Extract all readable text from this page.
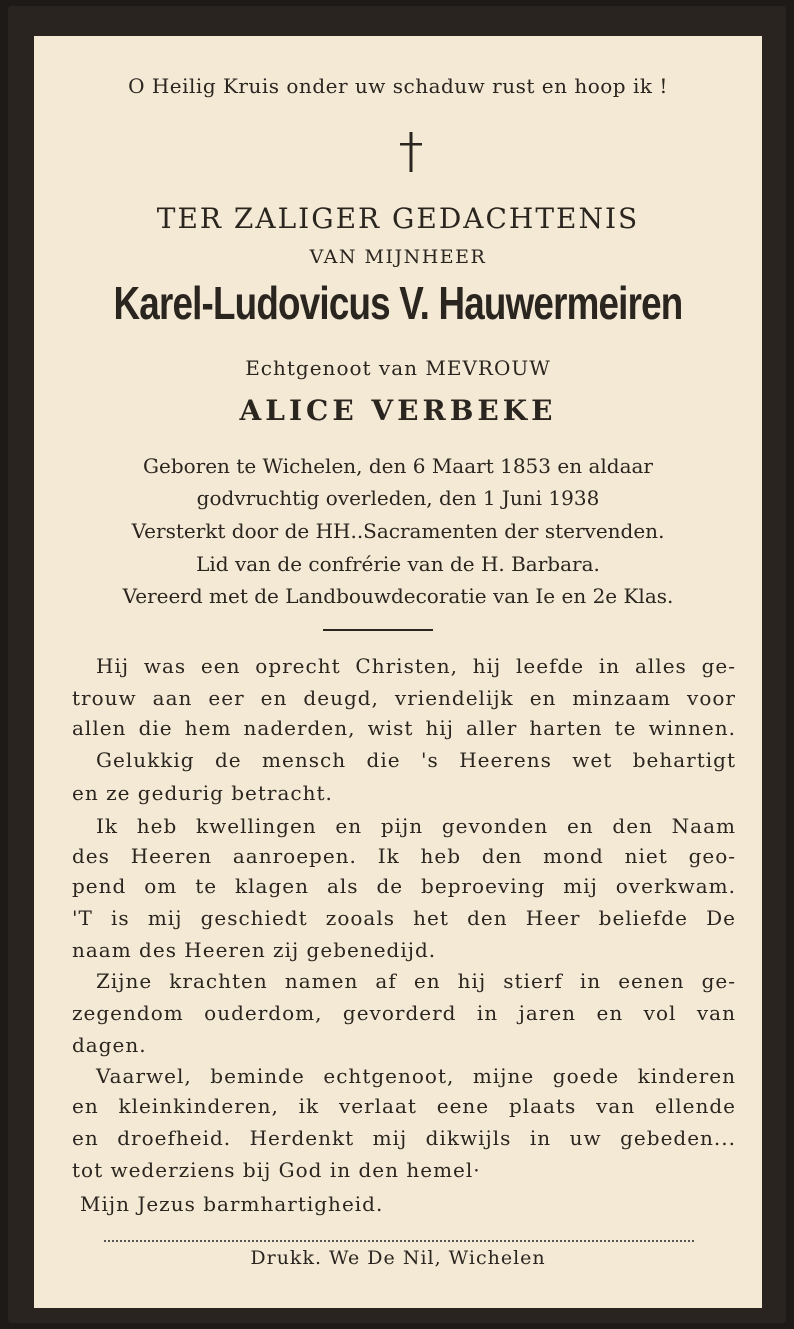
O Heilig Kruis onder uw schaduw rust en hoop ik !
TER ZALIGER GEDACHTENIS
VAN MIJNHEER
Karel-Ludovicus V. Hauwermeiren
Echtgenoot van MEVROUW
ALICE VERBEKE
Geboren te Wichelen, den 6 Maart 1853 en aldaar
godvruchtig overleden, den 1 Juni 1938
Versterkt door de HH..Sacramenten der stervenden.
Lid van de confrérie van de H. Barbara.
Vereerd met de Landbouwdecoratie van Ie en 2e Klas.
Hij was een oprecht Christen, hij leefde in alles ge-
trouw aan eer en deugd, vriendelijk en minzaam voor
allen die hem naderden, wist hij aller harten te winnen.
Gelukkig de mensch die 's Heerens wet behartigt
en ze gedurig betracht.
Ik heb kwellingen en pijn gevonden en den Naam
des Heeren aanroepen. Ik heb den mond niet geo-
pend om te klagen als de beproeving mij overkwam.
'T is mij geschiedt zooals het den Heer beliefde De
naam des Heeren zij gebenedijd.
Zijne krachten namen af en hij stierf in eenen ge-
zegendom ouderdom, gevorderd in jaren en vol van
dagen.
Vaarwel, beminde echtgenoot, mijne goede kinderen
en kleinkinderen, ik verlaat eene plaats van ellende
en droefheid. Herdenkt mij dikwijls in uw gebeden...
tot wederziens bij God in den hemel·
Mijn Jezus barmhartigheid.
Drukk. We De Nil, Wichelen
